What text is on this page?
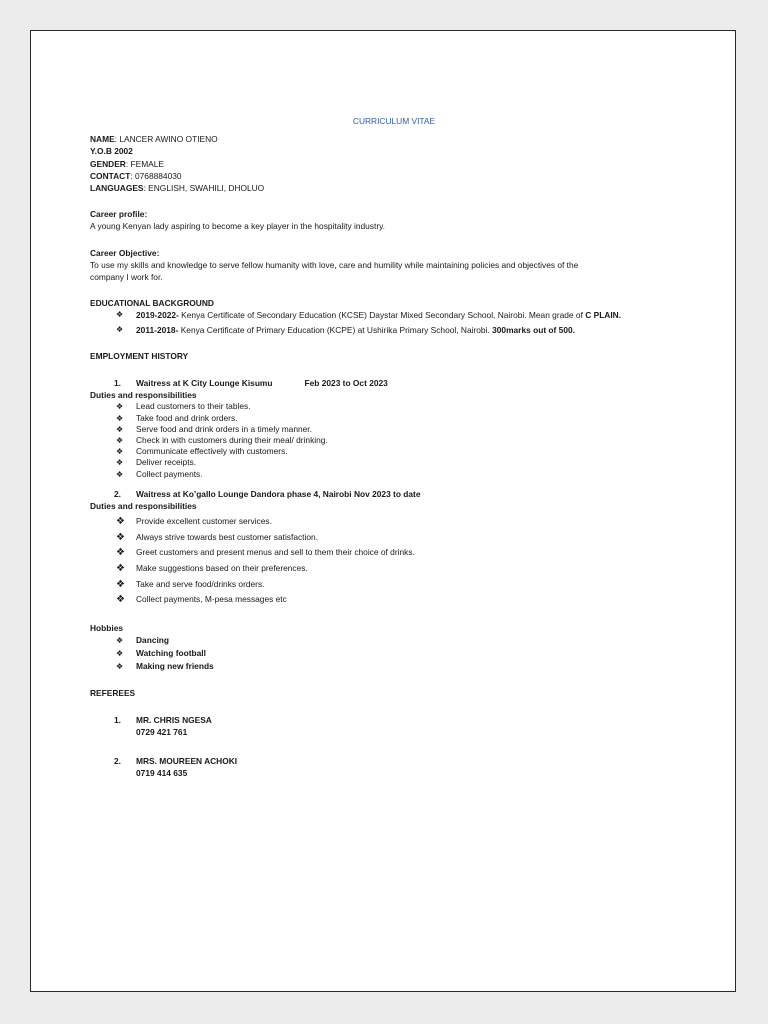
CURRICULUM VITAE
NAME: LANCER AWINO OTIENO
Y.O.B 2002
GENDER: FEMALE
CONTACT: 0768884030
LANGUAGES: ENGLISH, SWAHILI, DHOLUO
Career profile:
A young Kenyan lady aspiring to become a key player in the hospitality industry.
Career Objective:
To use my skills and knowledge to serve fellow humanity with love, care and humility while maintaining policies and objectives of the
company I work for.
EDUCATIONAL BACKGROUND
❖ 2019-2022- Kenya Certificate of Secondary Education (KCSE) Daystar Mixed Secondary School, Nairobi. Mean grade of C PLAIN.
❖ 2011-2018- Kenya Certificate of Primary Education (KCPE) at Ushirika Primary School, Nairobi. 300marks out of 500.
EMPLOYMENT HISTORY
1. Waitress at K City Lounge Kisumu	Feb 2023 to Oct 2023
Duties and responsibilities
❖ Lead customers to their tables.
❖ Take food and drink orders.
❖ Serve food and drink orders in a timely manner.
❖ Check in with customers during their meal/ drinking.
❖ Communicate effectively with customers.
❖ Deliver receipts.
❖ Collect payments.
2. Waitress at Ko’gallo Lounge Dandora phase 4, Nairobi Nov 2023 to date
Duties and responsibilities
❖ Provide excellent customer services.
❖ Always strive towards best customer satisfaction.
❖ Greet customers and present menus and sell to them their choice of drinks.
❖ Make suggestions based on their preferences.
❖ Take and serve food/drinks orders.
❖ Collect payments, M-pesa messages etc
Hobbies
❖ Dancing
❖ Watching football
❖ Making new friends
REFEREES
1. MR. CHRIS NGESA
0729 421 761
2. MRS. MOUREEN ACHOKI
0719 414 635
